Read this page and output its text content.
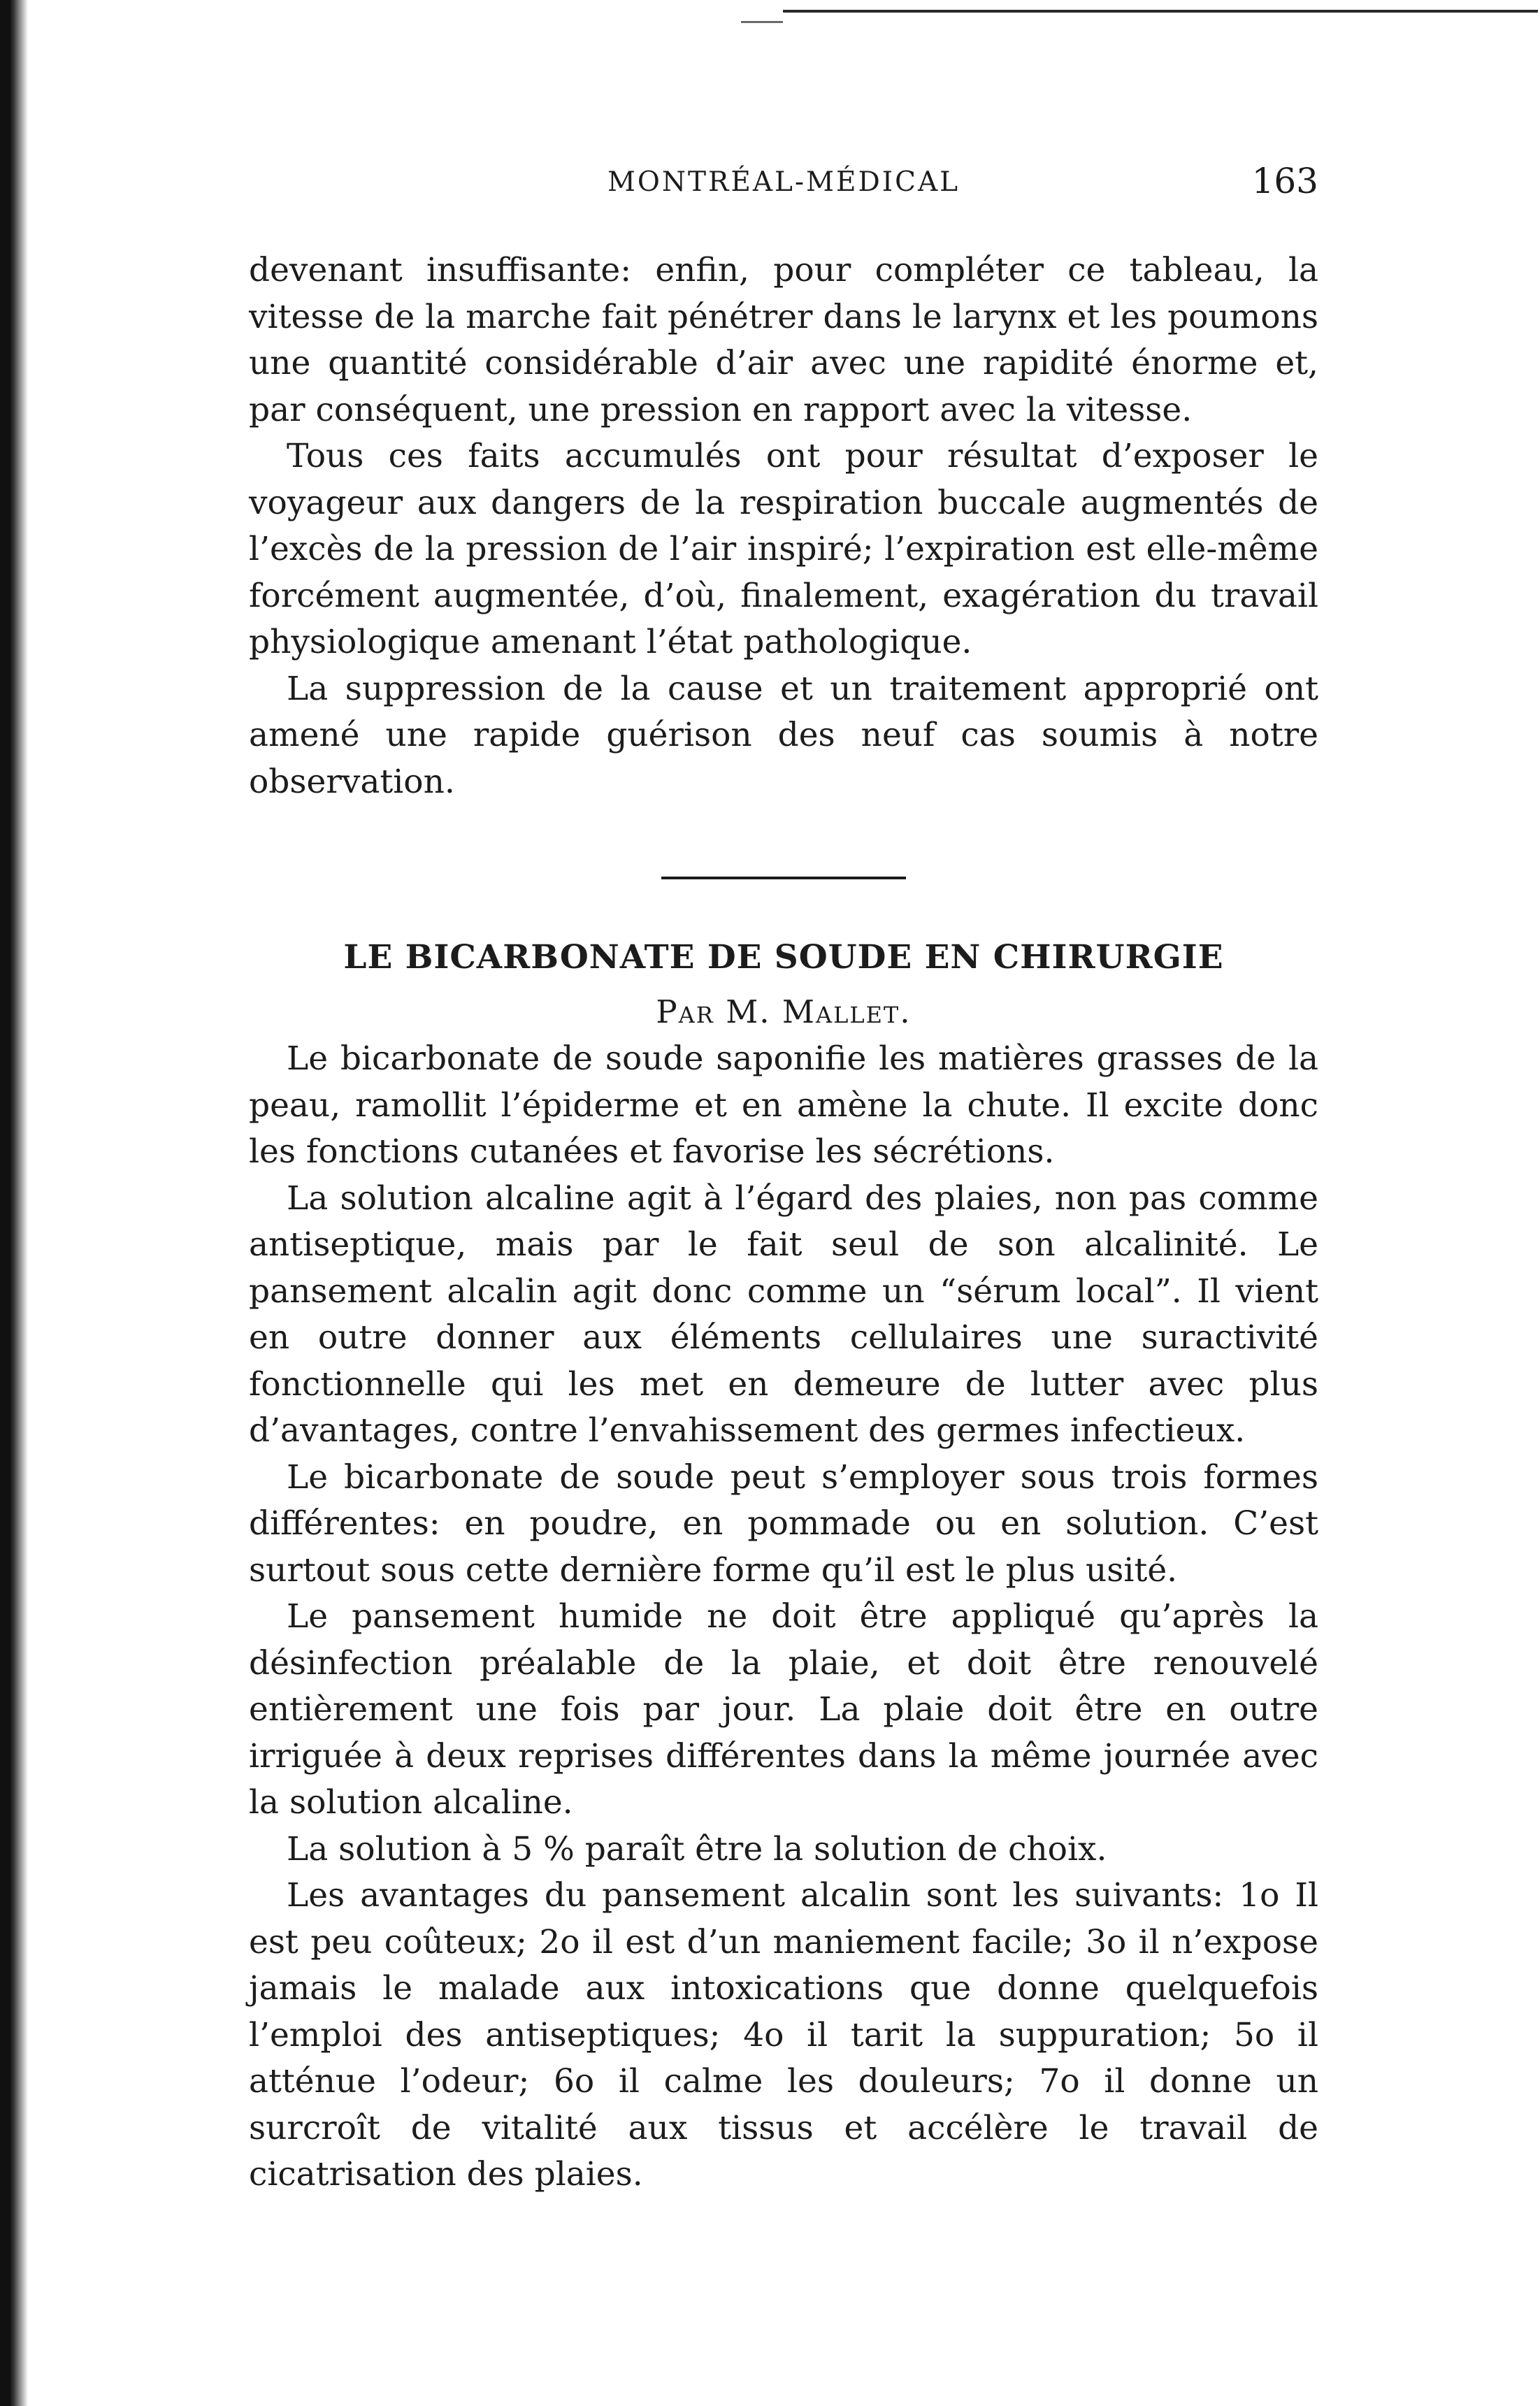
MONTRÉAL-MÉDICAL	163

devenant insuffisante: enfin, pour compléter ce tableau, la vitesse de la marche fait pénétrer dans le larynx et les poumons une quantité considérable d’air avec une rapidité énorme et, par conséquent, une pression en rapport avec la vitesse.

Tous ces faits accumulés ont pour résultat d’exposer le voyageur aux dangers de la respiration buccale augmentés de l’excès de la pression de l’air inspiré; l’expiration est elle-même forcément augmentée, d’où, finalement, exagération du travail physiologique amenant l’état pathologique.

La suppression de la cause et un traitement approprié ont amené une rapide guérison des neuf cas soumis à notre observation.

LE BICARBONATE DE SOUDE EN CHIRURGIE
Par M. Mallet.

Le bicarbonate de soude saponifie les matières grasses de la peau, ramollit l’épiderme et en amène la chute. Il excite donc les fonctions cutanées et favorise les sécrétions.

La solution alcaline agit à l’égard des plaies, non pas comme antiseptique, mais par le fait seul de son alcalinité. Le pansement alcalin agit donc comme un “sérum local”. Il vient en outre donner aux éléments cellulaires une suractivité fonctionnelle qui les met en demeure de lutter avec plus d’avantages, contre l’envahissement des germes infectieux.

Le bicarbonate de soude peut s’employer sous trois formes différentes: en poudre, en pommade ou en solution. C’est surtout sous cette dernière forme qu’il est le plus usité.

Le pansement humide ne doit être appliqué qu’après la désinfection préalable de la plaie, et doit être renouvelé entièrement une fois par jour. La plaie doit être en outre irriguée à deux reprises différentes dans la même journée avec la solution alcaline.

La solution à 5 % paraît être la solution de choix.

Les avantages du pansement alcalin sont les suivants: 1o Il est peu coûteux; 2o il est d’un maniement facile; 3o il n’expose jamais le malade aux intoxications que donne quelquefois l’emploi des antiseptiques; 4o il tarit la suppuration; 5o il atténue l’odeur; 6o il calme les douleurs; 7o il donne un surcroît de vitalité aux tissus et accélère le travail de cicatrisation des plaies.
